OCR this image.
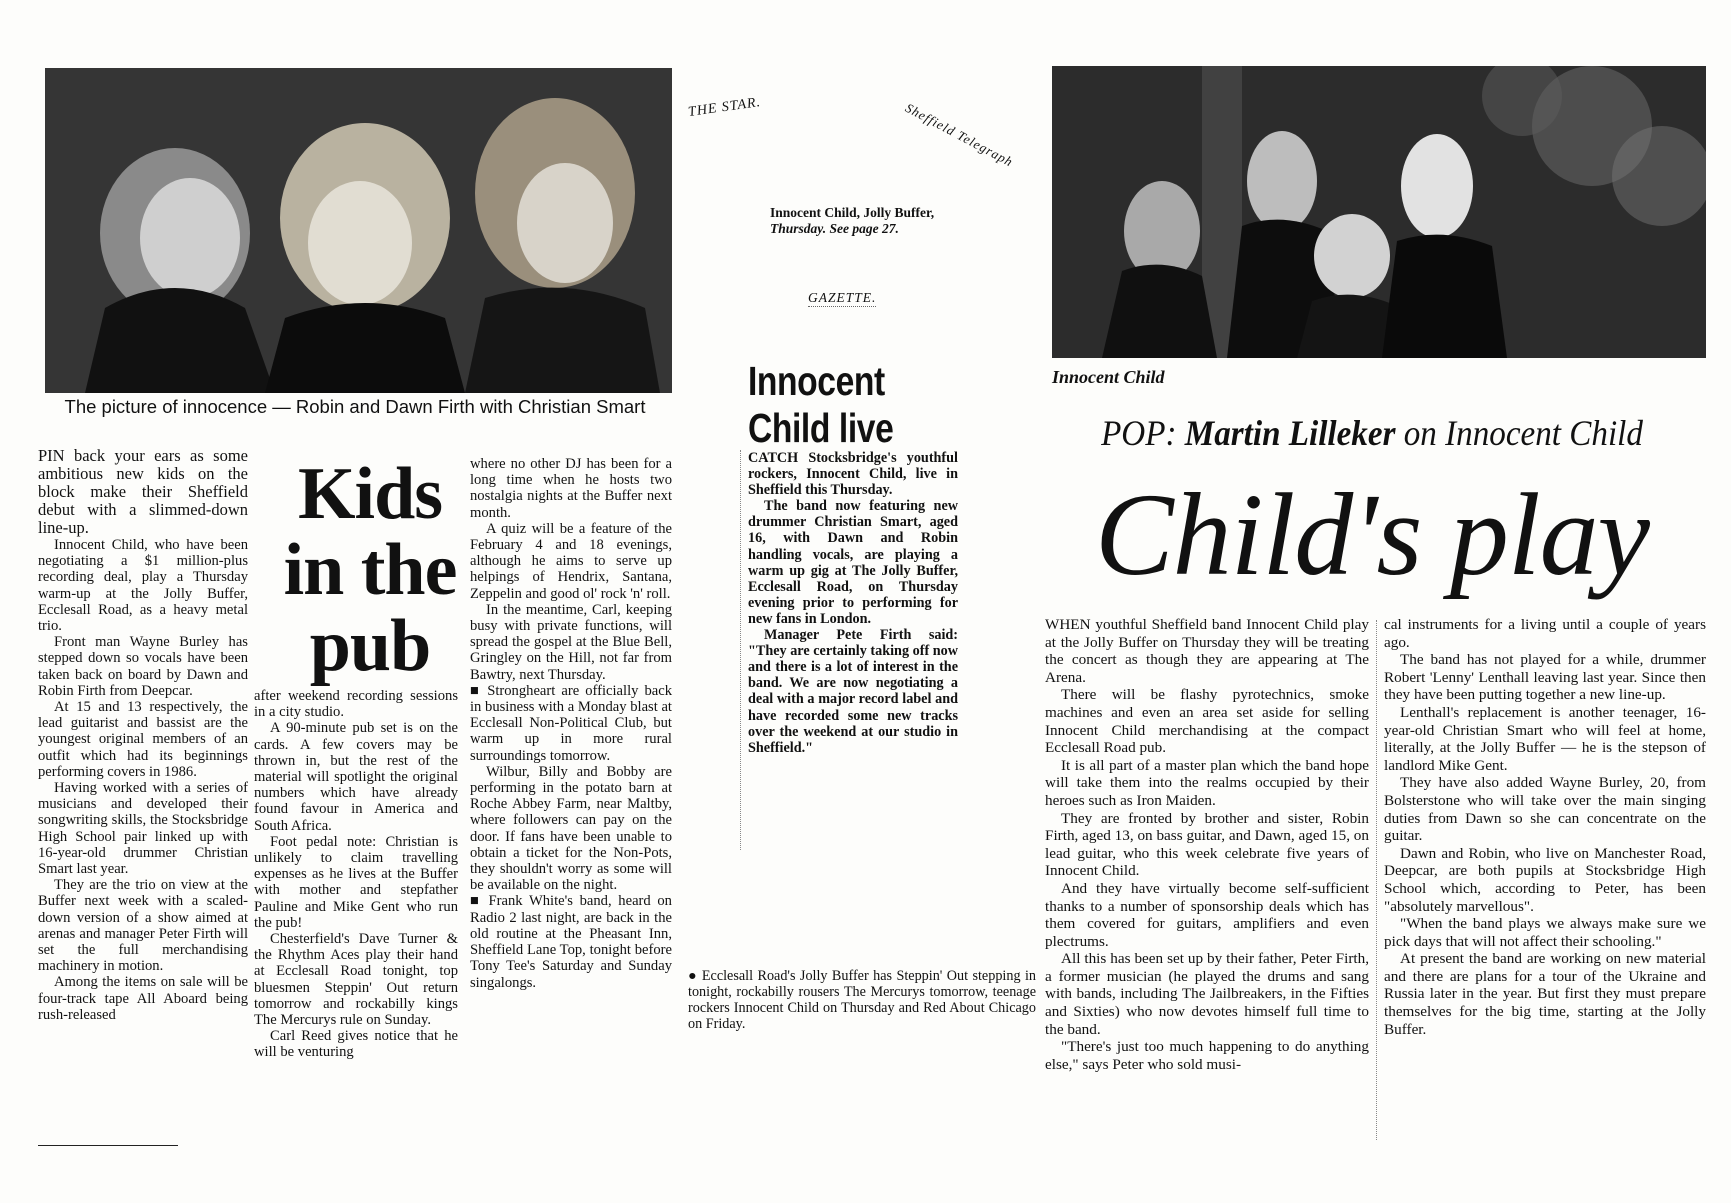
The picture of innocence — Robin and Dawn Firth with Christian Smart
Kids in the pub

PIN back your ears as some ambitious new kids on the block make their Sheffield debut with a slimmed-down line-up.

Innocent Child, who have been negotiating a $1 million-plus recording deal, play a Thursday warm-up at the Jolly Buffer, Ecclesall Road, as a heavy metal trio.

Front man Wayne Burley has stepped down so vocals have been taken back on board by Dawn and Robin Firth from Deepcar.

At 15 and 13 respectively, the lead guitarist and bassist are the youngest original members of an outfit which had its beginnings performing covers in 1986.

Having worked with a series of musicians and developed their songwriting skills, the Stocksbridge High School pair linked up with 16-year-old drummer Christian Smart last year.

They are the trio on view at the Buffer next week with a scaled-down version of a show aimed at arenas and manager Peter Firth will set the full merchandising machinery in motion.

Among the items on sale will be four-track tape All Aboard being rush-released

after weekend recording sessions in a city studio.

A 90-minute pub set is on the cards. A few covers may be thrown in, but the rest of the material will spotlight the original numbers which have already found favour in America and South Africa.

Foot pedal note: Christian is unlikely to claim travelling expenses as he lives at the Buffer with mother and stepfather Pauline and Mike Gent who run the pub!

Chesterfield's Dave Turner & the Rhythm Aces play their hand at Ecclesall Road tonight, top bluesmen Steppin' Out return tomorrow and rockabilly kings The Mercurys rule on Sunday.

Carl Reed gives notice that he will be venturing

where no other DJ has been for a long time when he hosts two nostalgia nights at the Buffer next month.

A quiz will be a feature of the February 4 and 18 evenings, although he aims to serve up helpings of Hendrix, Santana, Zeppelin and good ol' rock 'n' roll.

In the meantime, Carl, keeping busy with private functions, will spread the gospel at the Blue Bell, Gringley on the Hill, not far from Bawtry, next Thursday.

■ Strongheart are officially back in business with a Monday blast at Ecclesall Non-Political Club, but warm up in more rural surroundings tomorrow.

Wilbur, Billy and Bobby are performing in the potato barn at Roche Abbey Farm, near Maltby, where followers can pay on the door. If fans have been unable to obtain a ticket for the Non-Pots, they shouldn't worry as some will be available on the night.

■ Frank White's band, heard on Radio 2 last night, are back in the old routine at the Pheasant Inn, Sheffield Lane Top, tonight before Tony Tee's Saturday and Sunday singalongs.

THE STAR.	Sheffield Telegraph
Innocent Child, Jolly Buffer,
Thursday. See page 27.
GAZETTE.
Innocent Child live

CATCH Stocksbridge's youthful rockers, Innocent Child, live in Sheffield this Thursday.

The band now featuring new drummer Christian Smart, aged 16, with Dawn and Robin handling vocals, are playing a warm up gig at The Jolly Buffer, Ecclesall Road, on Thursday evening prior to performing for new fans in London.

Manager Pete Firth said: "They are certainly taking off now and there is a lot of interest in the band. We are now negotiating a deal with a major record label and have recorded some new tracks over the weekend at our studio in Sheffield."

● Ecclesall Road's Jolly Buffer has Steppin' Out stepping in tonight, rockabilly rousers The Mercurys tomorrow, teenage rockers Innocent Child on Thursday and Red About Chicago on Friday.

Innocent Child
POP: Martin Lilleker on Innocent Child
Child's play

WHEN youthful Sheffield band Innocent Child play at the Jolly Buffer on Thursday they will be treating the concert as though they are appearing at The Arena.

There will be flashy pyrotechnics, smoke machines and even an area set aside for selling Innocent Child merchandising at the compact Ecclesall Road pub.

It is all part of a master plan which the band hope will take them into the realms occupied by their heroes such as Iron Maiden.

They are fronted by brother and sister, Robin Firth, aged 13, on bass guitar, and Dawn, aged 15, on lead guitar, who this week celebrate five years of Innocent Child.

And they have virtually become self-sufficient thanks to a number of sponsorship deals which has them covered for guitars, amplifiers and even plectrums.

All this has been set up by their father, Peter Firth, a former musician (he played the drums and sang with bands, including The Jailbreakers, in the Fifties and Sixties) who now devotes himself full time to the band.

"There's just too much happening to do anything else," says Peter who sold musi-

cal instruments for a living until a couple of years ago.

The band has not played for a while, drummer Robert 'Lenny' Lenthall leaving last year. Since then they have been putting together a new line-up.

Lenthall's replacement is another teenager, 16-year-old Christian Smart who will feel at home, literally, at the Jolly Buffer — he is the stepson of landlord Mike Gent.

They have also added Wayne Burley, 20, from Bolsterstone who will take over the main singing duties from Dawn so she can concentrate on the guitar.

Dawn and Robin, who live on Manchester Road, Deepcar, are both pupils at Stocksbridge High School which, according to Peter, has been "absolutely marvellous".

"When the band plays we always make sure we pick days that will not affect their schooling."

At present the band are working on new material and there are plans for a tour of the Ukraine and Russia later in the year. But first they must prepare themselves for the big time, starting at the Jolly Buffer.
